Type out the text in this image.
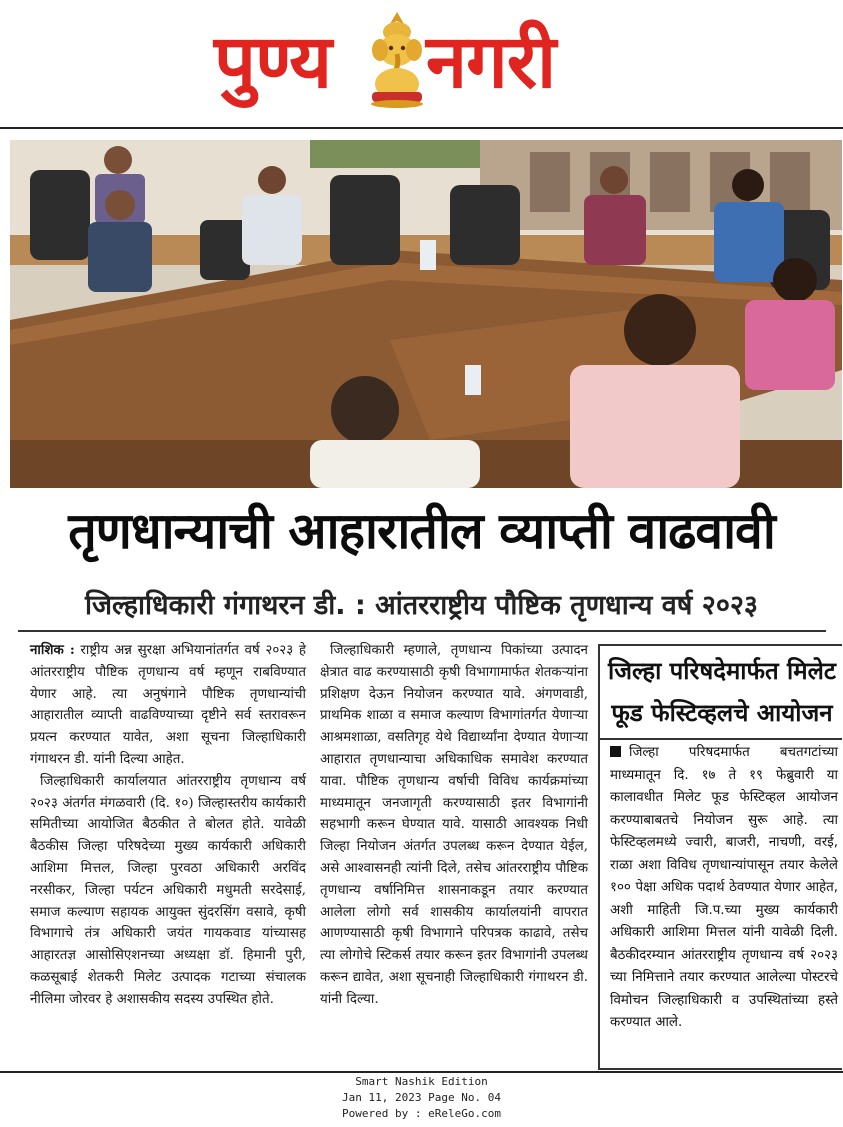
पुण्य नगरी
तृणधान्याची आहारातील व्याप्ती वाढवावी
जिल्हाधिकारी गंगाथरन डी. : आंतरराष्ट्रीय पौष्टिक तृणधान्य वर्ष २०२३

नाशिक : राष्ट्रीय अन्न सुरक्षा अभियानांतर्गत वर्ष २०२३ हे आंतरराष्ट्रीय पौष्टिक तृणधान्य वर्ष म्हणून राबविण्यात येणार आहे. त्या अनुषंगाने पौष्टिक तृणधान्यांची आहारातील व्याप्ती वाढविण्याच्या दृष्टीने सर्व स्तरावरून प्रयत्न करण्यात यावेत, अशा सूचना जिल्हाधिकारी गंगाथरन डी. यांनी दिल्या आहेत.

जिल्हाधिकारी कार्यालयात आंतरराष्ट्रीय तृणधान्य वर्ष २०२३ अंतर्गत मंगळवारी (दि. १०) जिल्हास्तरीय कार्यकारी समितीच्या आयोजित बैठकीत ते बोलत होते. यावेळी बैठकीस जिल्हा परिषदेच्या मुख्य कार्यकारी अधिकारी आशिमा मित्तल, जिल्हा पुरवठा अधिकारी अरविंद नरसीकर, जिल्हा पर्यटन अधिकारी मधुमती सरदेसाई, समाज कल्याण सहायक आयुक्त सुंदरसिंग वसावे, कृषी विभागाचे तंत्र अधिकारी जयंत गायकवाड यांच्यासह आहारतज्ञ आसोसिएशनच्या अध्यक्षा डॉ. हिमानी पुरी, कळसूबाई शेतकरी मिलेट उत्पादक गटाच्या संचालक नीलिमा जोरवर हे अशासकीय सदस्य उपस्थित होते.

जिल्हाधिकारी म्हणाले, तृणधान्य पिकांच्या उत्पादन क्षेत्रात वाढ करण्यासाठी कृषी विभागामार्फत शेतकऱ्यांना प्रशिक्षण देऊन नियोजन करण्यात यावे. अंगणवाडी, प्राथमिक शाळा व समाज कल्याण विभागांतर्गत येणाऱ्या आश्रमशाळा, वसतिगृह येथे विद्यार्थ्यांना देण्यात येणाऱ्या आहारात तृणधान्याचा अधिकाधिक समावेश करण्यात यावा. पौष्टिक तृणधान्य वर्षाची विविध कार्यक्रमांच्या माध्यमातून जनजागृती करण्यासाठी इतर विभागांनी सहभागी करून घेण्यात यावे. यासाठी आवश्यक निधी जिल्हा नियोजन अंतर्गत उपलब्ध करून देण्यात येईल, असे आश्वासनही त्यांनी दिले, तसेच आंतरराष्ट्रीय पौष्टिक तृणधान्य वर्षानिमित्त शासनाकडून तयार करण्यात आलेला लोगो सर्व शासकीय कार्यालयांनी वापरात आणण्यासाठी कृषी विभागाने परिपत्रक काढावे, तसेच त्या लोगोचे स्टिकर्स तयार करून इतर विभागांनी उपलब्ध करून द्यावेत, अशा सूचनाही जिल्हाधिकारी गंगाथरन डी. यांनी दिल्या.

जिल्हा परिषदेमार्फत मिलेट फूड फेस्टिव्हलचे आयोजन
जिल्हा परिषदमार्फत बचतगटांच्या माध्यमातून दि. १७ ते १९ फेब्रुवारी या कालावधीत मिलेट फूड फेस्टिव्हल आयोजन करण्याबाबतचे नियोजन सुरू आहे. त्या फेस्टिव्हलमध्ये ज्वारी, बाजरी, नाचणी, वरई, राळा अशा विविध तृणधान्यांपासून तयार केलेले १०० पेक्षा अधिक पदार्थ ठेवण्यात येणार आहेत, अशी माहिती जि.प.च्या मुख्य कार्यकारी अधिकारी आशिमा मित्तल यांनी यावेळी दिली. बैठकीदरम्यान आंतरराष्ट्रीय तृणधान्य वर्ष २०२३ च्या निमित्ताने तयार करण्यात आलेल्या पोस्टरचे विमोचन जिल्हाधिकारी व उपस्थितांच्या हस्ते करण्यात आले.
Smart Nashik Edition
Jan 11, 2023 Page No. 04
Powered by : eReleGo.com
